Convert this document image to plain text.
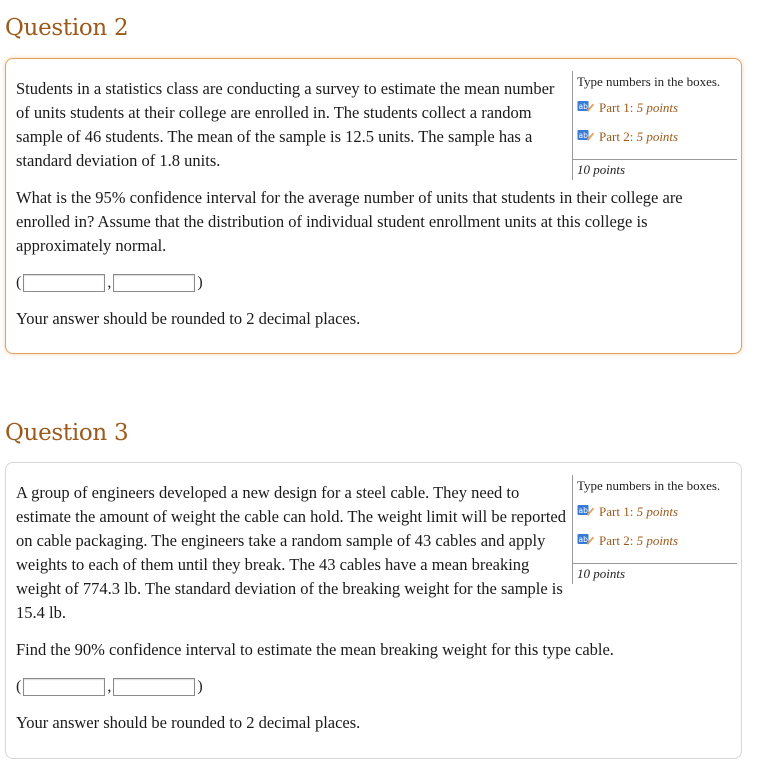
Question 2

Students in a statistics class are conducting a survey to estimate the mean number of units students at their college are enrolled in. The students collect a random sample of 46 students. The mean of the sample is 12.5 units. The sample has a standard deviation of 1.8 units.

What is the 95% confidence interval for the average number of units that students in their college are enrolled in? Assume that the distribution of individual student enrollment units at this college is approximately normal.

Type numbers in the boxes.
ab Part 1: 5 points
ab Part 2: 5 points
10 points
(	,	)

Your answer should be rounded to 2 decimal places.

Question 3

A group of engineers developed a new design for a steel cable. They need to estimate the amount of weight the cable can hold. The weight limit will be reported on cable packaging. The engineers take a random sample of 43 cables and apply weights to each of them until they break. The 43 cables have a mean breaking weight of 774.3 lb. The standard deviation of the breaking weight for the sample is 15.4 lb.

Find the 90% confidence interval to estimate the mean breaking weight for this type cable.

Type numbers in the boxes.
ab Part 1: 5 points
ab Part 2: 5 points
10 points
(	,	)

Your answer should be rounded to 2 decimal places.
